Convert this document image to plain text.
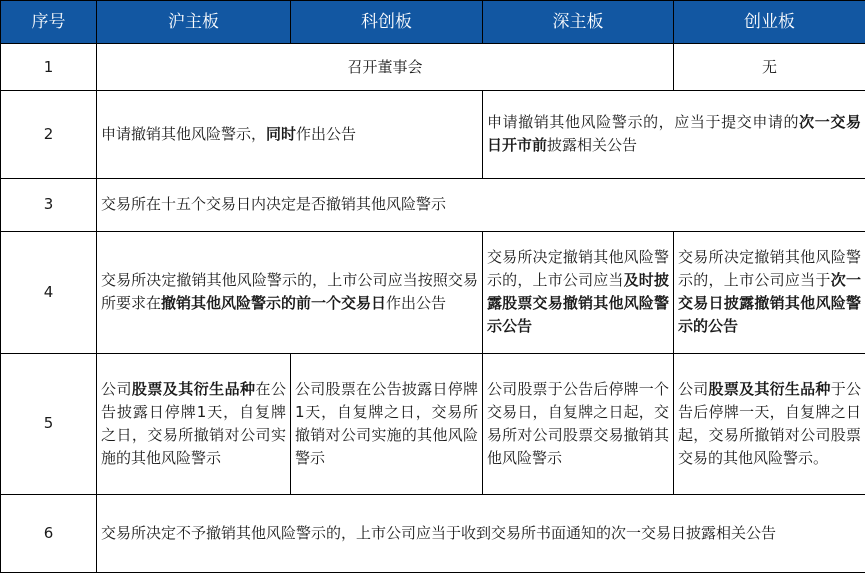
序号	沪主板	科创板	深主板	创业板
1	召开董事会			无
2	申请撤销其他风险警示，同时作出公告		申请撤销其他风险警示的，应当于提交申请的次一交易日开市前披露相关公告	
3	交易所在十五个交易日内决定是否撤销其他风险警示			
4	交易所决定撤销其他风险警示的，上市公司应当按照交易所要求在撤销其他风险警示的前一个交易日作出公告		交易所决定撤销其他风险警示的，上市公司应当及时披露股票交易撤销其他风险警示公告	交易所决定撤销其他风险警示的，上市公司应当于次一交易日披露撤销其他风险警示的公告
5	公司股票及其衍生品种在公告披露日停牌1天，自复牌之日，交易所撤销对公司实施的其他风险警示	公司股票在公告披露日停牌1天，自复牌之日，交易所撤销对公司实施的其他风险警示	公司股票于公告后停牌一个交易日，自复牌之日起，交易所对公司股票交易撤销其他风险警示	公司股票及其衍生品种于公告后停牌一天，自复牌之日起，交易所撤销对公司股票交易的其他风险警示。
6	交易所决定不予撤销其他风险警示的，上市公司应当于收到交易所书面通知的次一交易日披露相关公告			
